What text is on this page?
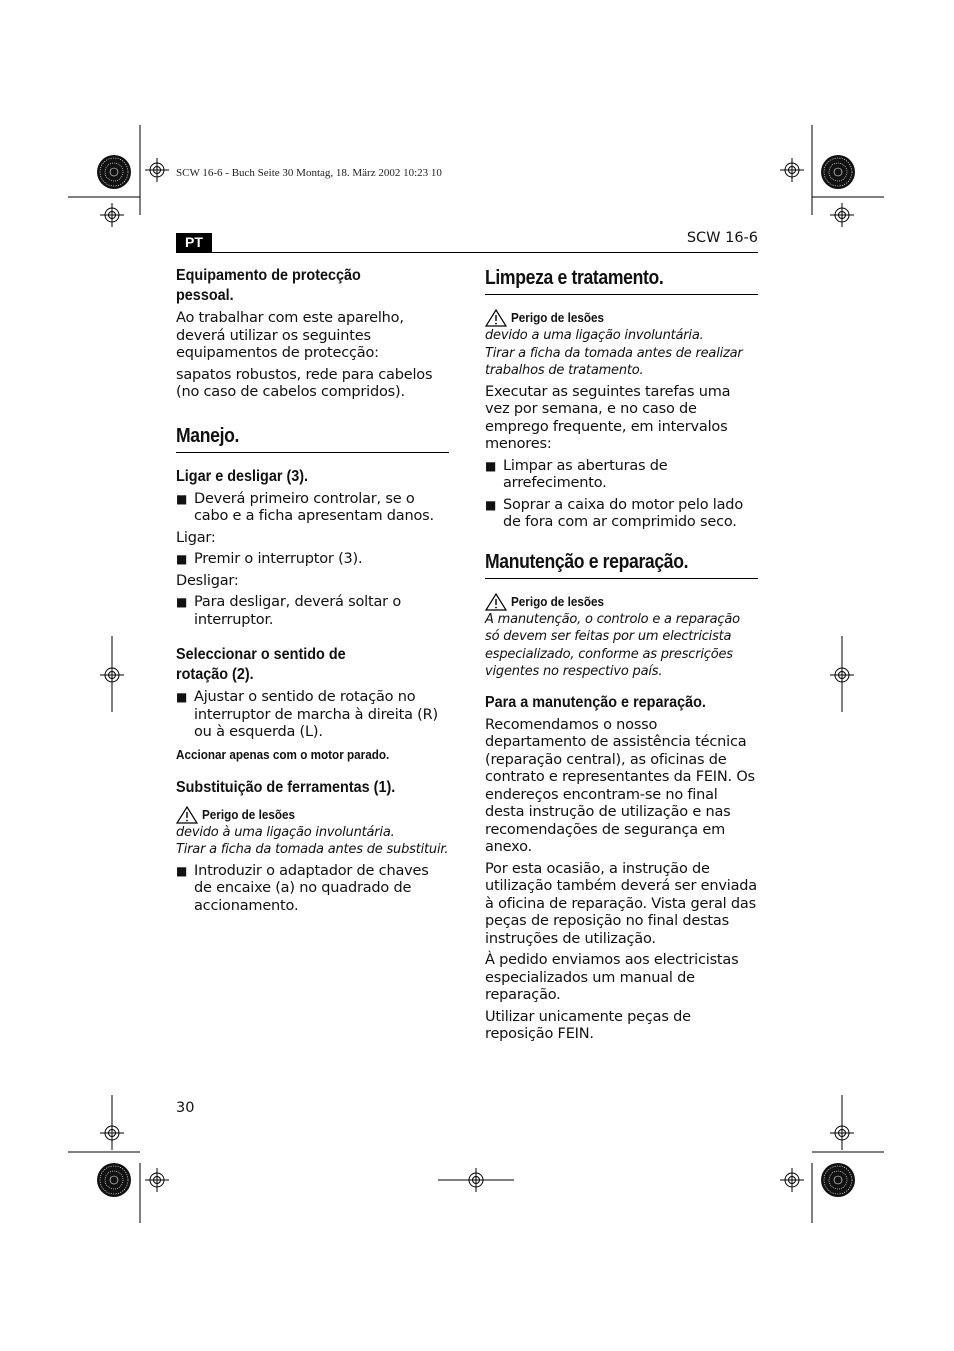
SCW 16-6 - Buch Seite 30 Montag, 18. März 2002 10:23 10
PT	SCW 16-6
Equipamento de protecção pessoal.
Ao trabalhar com este aparelho, deverá utilizar os seguintes equipamentos de protecção:
sapatos robustos, rede para cabelos (no caso de cabelos compridos).
Manejo.
Ligar e desligar (3).
■ Deverá primeiro controlar, se o cabo e a ficha apresentam danos.
Ligar:
■ Premir o interruptor (3).
Desligar:
■ Para desligar, deverá soltar o interruptor.
Seleccionar o sentido de rotação (2).
■ Ajustar o sentido de rotação no interruptor de marcha à direita (R) ou à esquerda (L).
Accionar apenas com o motor parado.
Substituição de ferramentas (1).
Perigo de lesões
devido à uma ligação involuntária.
Tirar a ficha da tomada antes de substituir.
■ Introduzir o adaptador de chaves de encaixe (a) no quadrado de accionamento.
Limpeza e tratamento.
Perigo de lesões
devido a uma ligação involuntária.
Tirar a ficha da tomada antes de realizar trabalhos de tratamento.
Executar as seguintes tarefas uma vez por semana, e no caso de emprego frequente, em intervalos menores:
■ Limpar as aberturas de arrefecimento.
■ Soprar a caixa do motor pelo lado de fora com ar comprimido seco.
Manutenção e reparação.
Perigo de lesões
A manutenção, o controlo e a reparação só devem ser feitas por um electricista especializado, conforme as prescrições vigentes no respectivo país.
Para a manutenção e reparação.
Recomendamos o nosso departamento de assistência técnica (reparação central), as oficinas de contrato e representantes da FEIN. Os endereços encontram-se no final desta instrução de utilização e nas recomendações de segurança em anexo.
Por esta ocasião, a instrução de utilização também deverá ser enviada à oficina de reparação. Vista geral das peças de reposição no final destas instruções de utilização.
À pedido enviamos aos electricistas especializados um manual de reparação.
Utilizar unicamente peças de reposição FEIN.
30
